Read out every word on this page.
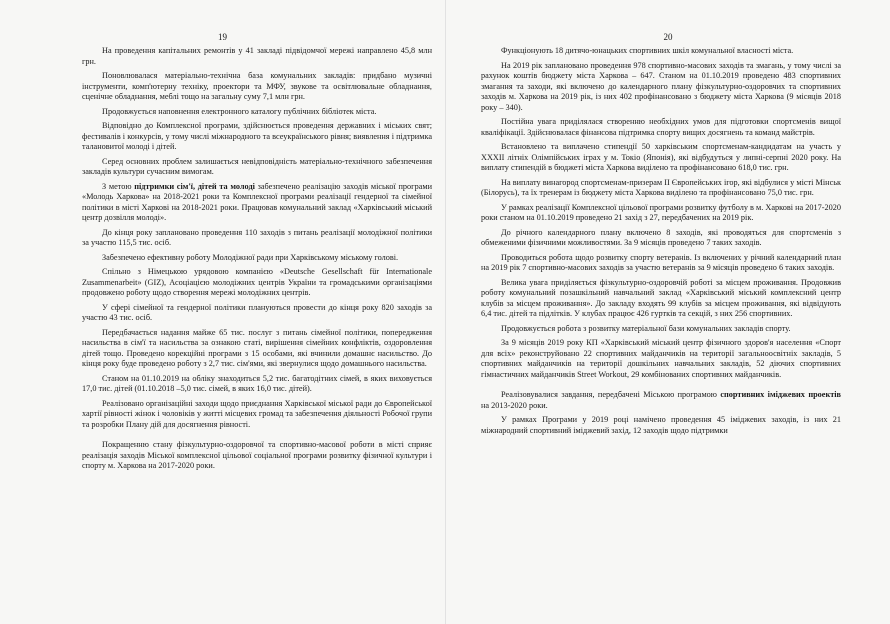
19

На проведення капітальних ремонтів у 41 закладі підвідомчої мережі направлено 45,8 млн грн.

Поновлювалася матеріально-технічна база комунальних закладів: придбано музичні інструменти, комп'ютерну техніку, проектори та МФУ, звукове та освітлювальне обладнання, сценічне обладнання, меблі тощо на загальну суму 7,1 млн грн.

Продовжується наповнення електронного каталогу публічних бібліотек міста.

Відповідно до Комплексної програми, здійснюється проведення державних і міських свят; фестивалів і конкурсів, у тому числі міжнародного та всеукраїнського рівня; виявлення і підтримка талановитої молоді і дітей.

Серед основних проблем залишається невідповідність матеріально-технічного забезпечення закладів культури сучасним вимогам.

З метою підтримки сім'ї, дітей та молоді забезпечено реалізацію заходів міської програми «Молодь Харкова» на 2018-2021 роки та Комплексної програми реалізації гендерної та сімейної політики в місті Харкові на 2018-2021 роки. Працював комунальний заклад «Харківський міський центр дозвілля молоді».

До кінця року заплановано проведення 110 заходів з питань реалізації молодіжної політики за участю 115,5 тис. осіб.

Забезпечено ефективну роботу Молодіжної ради при Харківському міському голові.

Спільно з Німецькою урядовою компанією «Deutsche Gesellschaft für Internationale Zusammenarbeit» (GIZ), Асоціацією молодіжних центрів України та громадськими організаціями продовжено роботу щодо створення мережі молодіжних центрів.

У сфері сімейної та гендерної політики плануються провести до кінця року 820 заходів за участю 43 тис. осіб.

Передбачається надання майже 65 тис. послуг з питань сімейної політики, попередження насильства в сім'ї та насильства за ознакою статі, вирішення сімейних конфліктів, оздоровлення дітей тощо. Проведено корекційні програми з 15 особами, які вчинили домашнє насильство. До кінця року буде проведено роботу з 2,7 тис. сім'ями, які звернулися щодо домашнього насильства.

Станом на 01.10.2019 на обліку знаходиться 5,2 тис. багатодітних сімей, в яких виховується 17,0 тис. дітей (01.10.2018 –5,0 тис. сімей, в яких 16,0 тис. дітей).

Реалізовано організаційні заходи щодо приєднання Харківської міської ради до Європейської хартії рівності жінок і чоловіків у житті місцевих громад та забезпечення діяльності Робочої групи та розробки Плану дій для досягнення рівності.

Покращенню стану фізкультурно-оздоровчої та спортивно-масової роботи в місті сприяє реалізація заходів Міської комплексної цільової соціальної програми розвитку фізичної культури і спорту м. Харкова на 2017-2020 роки.

20

Функціонують 18 дитячо-юнацьких спортивних шкіл комунальної власності міста.

На 2019 рік заплановано проведення 978 спортивно-масових заходів та змагань, у тому числі за рахунок коштів бюджету міста Харкова – 647. Станом на 01.10.2019 проведено 483 спортивних змагання та заходи, які включено до календарного плану фізкультурно-оздоровчих та спортивних заходів м. Харкова на 2019 рік, із них 402 профінансовано з бюджету міста Харкова (9 місяців 2018 року – 340).

Постійна увага приділялася створенню необхідних умов для підготовки спортсменів вищої кваліфікації. Здійснювалася фінансова підтримка спорту вищих досягнень та команд майстрів.

Встановлено та виплачено стипендії 50 харківським спортсменам-кандидатам на участь у XXXII літніх Олімпійських іграх у м. Токіо (Японія), які відбудуться у липні-серпні 2020 року. На виплату стипендій в бюджеті міста Харкова виділено та профінансовано 618,0 тис. грн.

На виплату винагород спортсменам-призерам II Європейських ігор, які відбулися у місті Мінськ (Білорусь), та їх тренерам із бюджету міста Харкова виділено та профінансовано 75,0 тис. грн.

У рамках реалізації Комплексної цільової програми розвитку футболу в м. Харкові на 2017-2020 роки станом на 01.10.2019 проведено 21 захід з 27, передбачених на 2019 рік.

До річного календарного плану включено 8 заходів, які проводяться для спортсменів з обмеженими фізичними можливостями. За 9 місяців проведено 7 таких заходів.

Проводиться робота щодо розвитку спорту ветеранів. Із включених у річний календарний план на 2019 рік 7 спортивно-масових заходів за участю ветеранів за 9 місяців проведено 6 таких заходів.

Велика увага приділяється фізкультурно-оздоровчій роботі за місцем проживання. Продовжив роботу комунальний позашкільний навчальний заклад «Харківський міський комплексний центр клубів за місцем проживання». До закладу входять 99 клубів за місцем проживання, які відвідують 6,4 тис. дітей та підлітків. У клубах працює 426 гуртків та секцій, з них 256 спортивних.

Продовжується робота з розвитку матеріальної бази комунальних закладів спорту.

За 9 місяців 2019 року КП «Харківський міський центр фізичного здоров'я населення «Спорт для всіх» реконструйовано 22 спортивних майданчиків на території загальноосвітніх закладів, 5 спортивних майданчиків на території дошкільних навчальних закладів, 52 діючих спортивних гімнастичних майданчиків Street Workout, 29 комбінованих спортивних майданчиків.

Реалізовувалися завдання, передбачені Міською програмою спортивних іміджевих проектів на 2013-2020 роки.

У рамках Програми у 2019 році намічено проведення 45 іміджевих заходів, із них 21 міжнародний спортивний іміджевий захід, 12 заходів щодо підтримки
